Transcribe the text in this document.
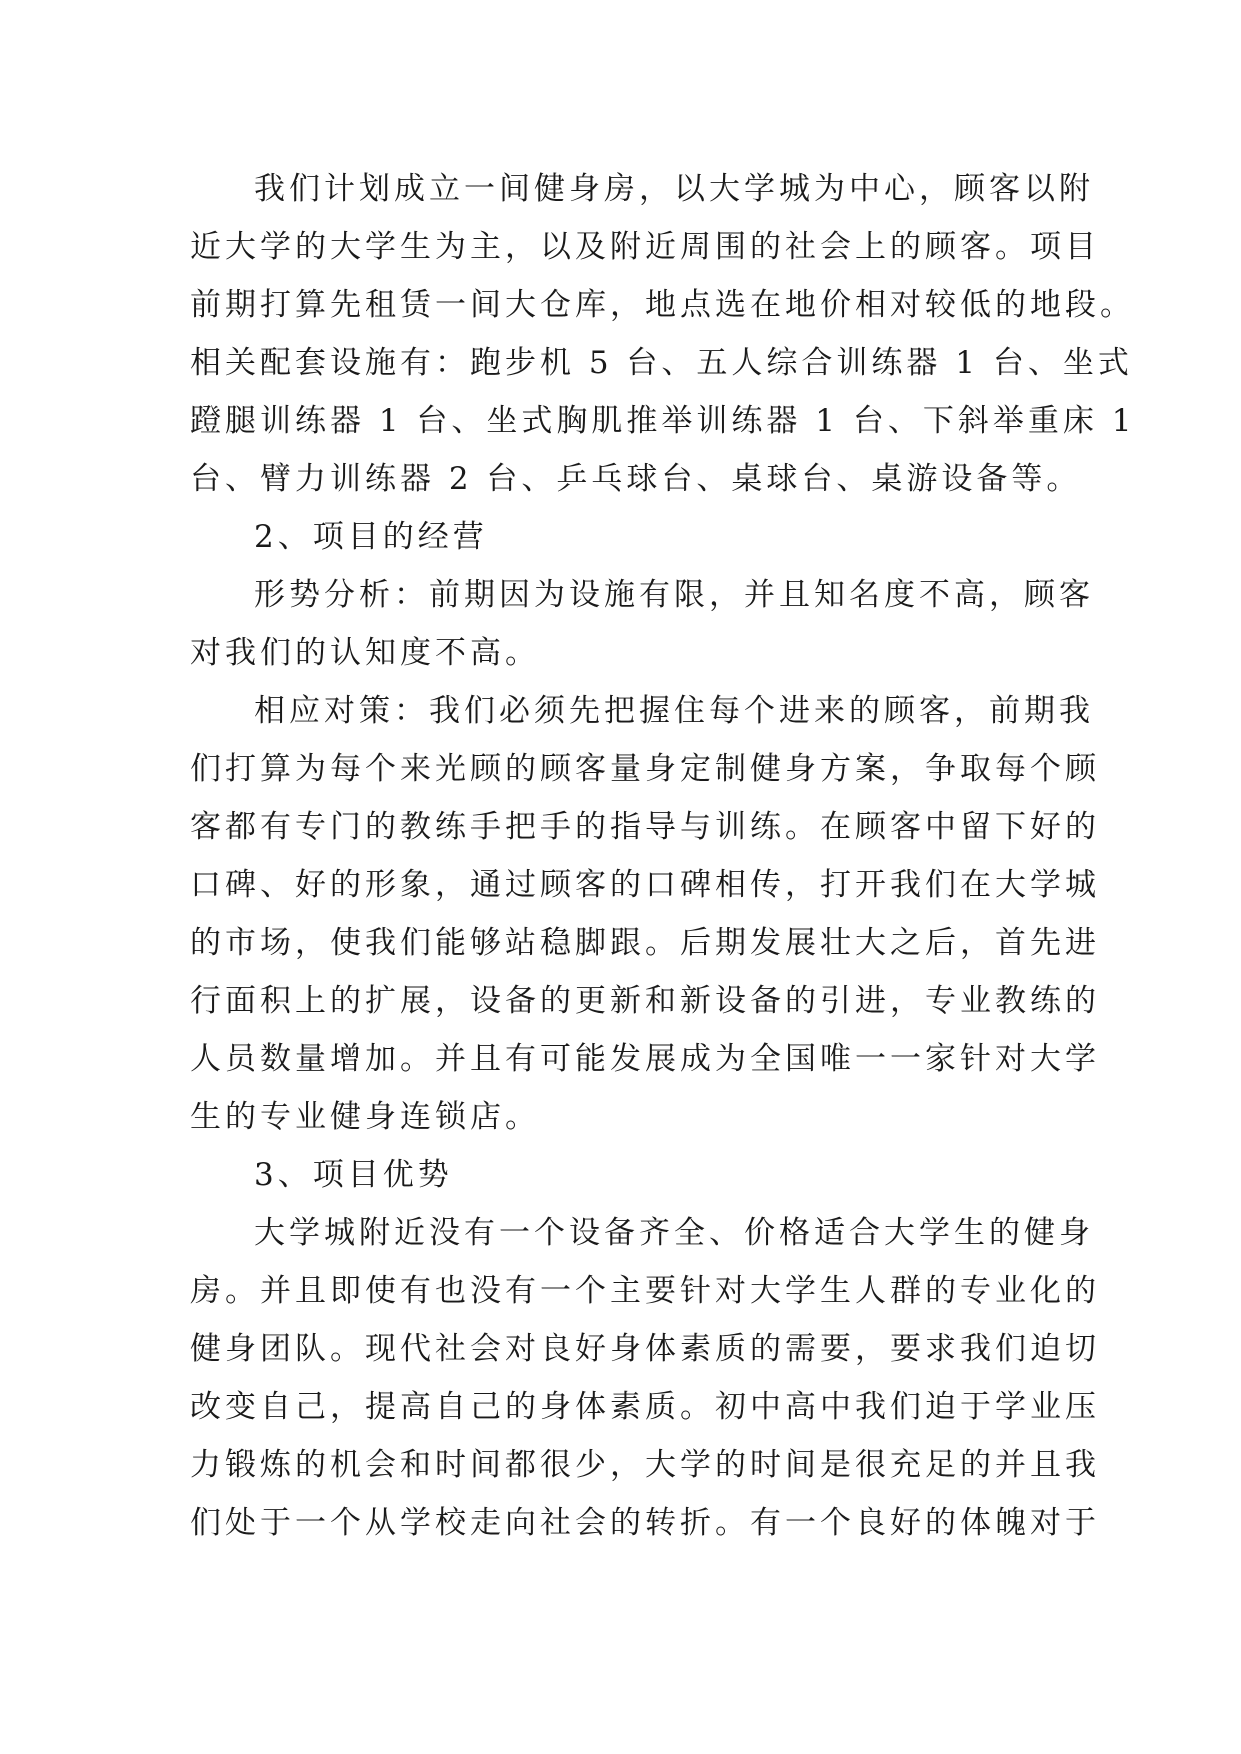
我们计划成立一间健身房，以大学城为中心，顾客以附
近大学的大学生为主，以及附近周围的社会上的顾客。项目
前期打算先租赁一间大仓库，地点选在地价相对较低的地段。
相关配套设施有：跑步机 5 台、五人综合训练器 1 台、坐式
蹬腿训练器 1 台、坐式胸肌推举训练器 1 台、下斜举重床 1
台、臂力训练器 2 台、乒乓球台、桌球台、桌游设备等。
2、项目的经营
形势分析：前期因为设施有限，并且知名度不高，顾客
对我们的认知度不高。
相应对策：我们必须先把握住每个进来的顾客，前期我
们打算为每个来光顾的顾客量身定制健身方案，争取每个顾
客都有专门的教练手把手的指导与训练。在顾客中留下好的
口碑、好的形象，通过顾客的口碑相传，打开我们在大学城
的市场，使我们能够站稳脚跟。后期发展壮大之后，首先进
行面积上的扩展，设备的更新和新设备的引进，专业教练的
人员数量增加。并且有可能发展成为全国唯一一家针对大学
生的专业健身连锁店。
3、项目优势
大学城附近没有一个设备齐全、价格适合大学生的健身
房。并且即使有也没有一个主要针对大学生人群的专业化的
健身团队。现代社会对良好身体素质的需要，要求我们迫切
改变自己，提高自己的身体素质。初中高中我们迫于学业压
力锻炼的机会和时间都很少，大学的时间是很充足的并且我
们处于一个从学校走向社会的转折。有一个良好的体魄对于
